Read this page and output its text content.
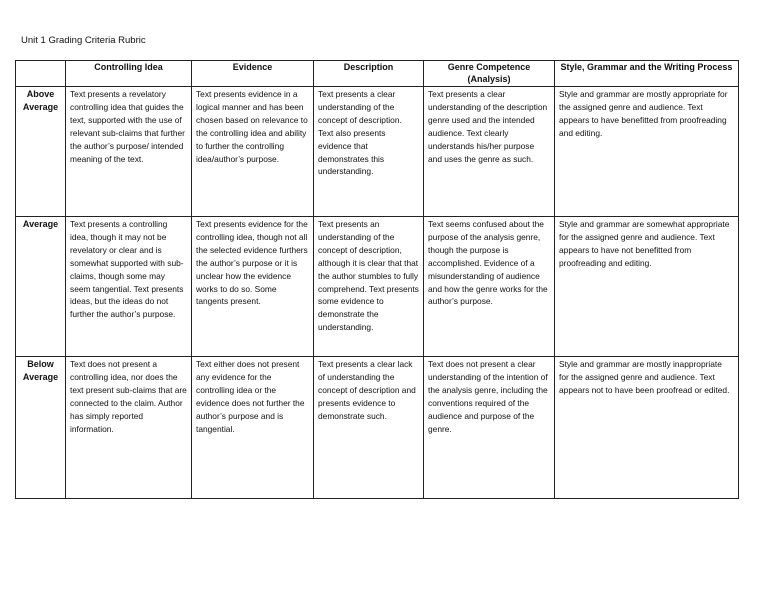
Unit 1 Grading Criteria Rubric
	Controlling Idea	Evidence	Description	Genre Competence (Analysis)	Style, Grammar and the Writing Process
Above Average	Text presents a revelatory controlling idea that guides the text, supported with the use of relevant sub-claims that further the author’s purpose/ intended meaning of the text.	Text presents evidence in a logical manner and has been chosen based on relevance to the controlling idea and ability to further the controlling idea/author’s purpose.	Text presents a clear understanding of the concept of description. Text also presents evidence that demonstrates this understanding.	Text presents a clear understanding of the description genre used and the intended audience. Text clearly understands his/her purpose and uses the genre as such.	Style and grammar are mostly appropriate for the assigned genre and audience. Text appears to have benefitted from proofreading and editing.
Average	Text presents a controlling idea, though it may not be revelatory or clear and is somewhat supported with sub-claims, though some may seem tangential. Text presents ideas, but the ideas do not further the author’s purpose.	Text presents evidence for the controlling idea, though not all the selected evidence furthers the author’s purpose or it is unclear how the evidence works to do so. Some tangents present.	Text presents an understanding of the concept of description, although it is clear that that the author stumbles to fully comprehend. Text presents some evidence to demonstrate the understanding.	Text seems confused about the purpose of the analysis genre, though the purpose is accomplished. Evidence of a misunderstanding of audience and how the genre works for the author’s purpose.	Style and grammar are somewhat appropriate for the assigned genre and audience. Text appears to have not benefitted from proofreading and editing.
Below Average	Text does not present a controlling idea, nor does the text present sub-claims that are connected to the claim. Author has simply reported information.	Text either does not present any evidence for the controlling idea or the evidence does not further the author’s purpose and is tangential.	Text presents a clear lack of understanding the concept of description and presents evidence to demonstrate such.	Text does not present a clear understanding of the intention of the analysis genre, including the conventions required of the audience and purpose of the genre.	Style and grammar are mostly inappropriate for the assigned genre and audience. Text appears not to have been proofread or edited.
